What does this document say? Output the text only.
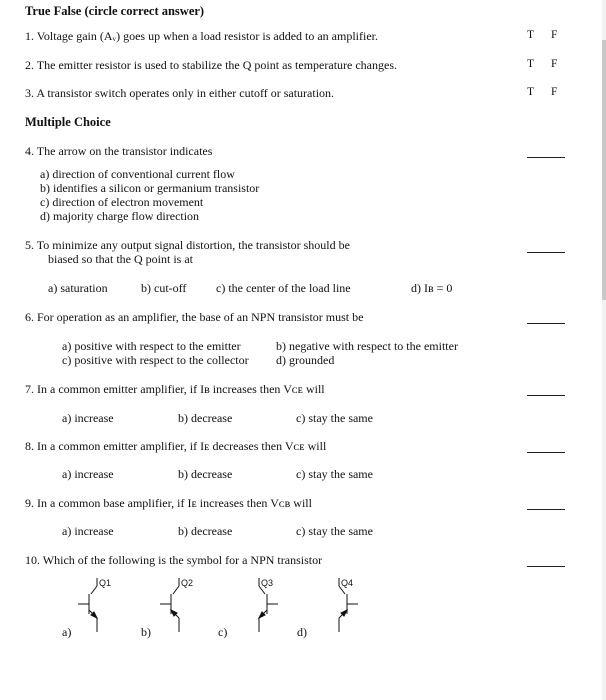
True False (circle correct answer)
1. Voltage gain (Aᵥ) goes up when a load resistor is added to an amplifier.	T F
2. The emitter resistor is used to stabilize the Q point as temperature changes.	T F
3. A transistor switch operates only in either cutoff or saturation.	T F
Multiple Choice
4. The arrow on the transistor indicates
a) direction of conventional current flow
b) identifies a silicon or germanium transistor
c) direction of electron movement
d) majority charge flow direction
5. To minimize any output signal distortion, the transistor should be
biased so that the Q point is at
a) saturation	b) cut-off c) the center of the load line	d) Iʙ = 0
6. For operation as an amplifier, the base of an NPN transistor must be
a) positive with respect to the emitter	b) negative with respect to the emitter
c) positive with respect to the collector d) grounded
7. In a common emitter amplifier, if Iʙ increases then Vᴄᴇ will
a) increase	b) decrease	c) stay the same
8. In a common emitter amplifier, if Iᴇ decreases then Vᴄᴇ will
a) increase	b) decrease	c) stay the same
9. In a common base amplifier, if Iᴇ increases then Vᴄʙ will
a) increase	b) decrease	c) stay the same
10. Which of the following is the symbol for a NPN transistor
Q1	Q2	Q3	Q4
a)	b)	c)	d)
